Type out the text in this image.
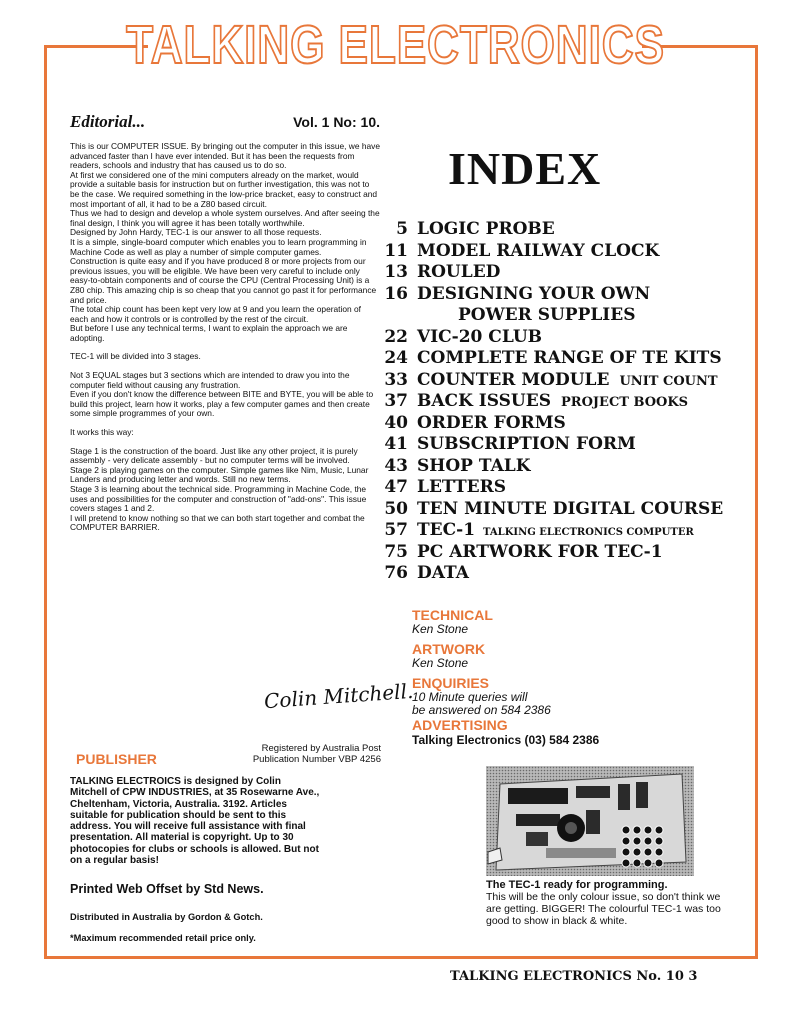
TALKING ELECTRONICS
Editorial...	Vol. 1 No: 10.

This is our COMPUTER ISSUE. By bringing out the computer in this issue, we have advanced faster than I have ever intended. But it has been the requests from readers, schools and industry that has caused us to do so.

At first we considered one of the mini computers already on the market, would provide a suitable basis for instruction but on further investigation, this was not to be the case. We required something in the low-price bracket, easy to construct and most important of all, it had to be a Z80 based circuit.

Thus we had to design and develop a whole system ourselves. And after seeing the final design, I think you will agree it has been totally worthwhile.

Designed by John Hardy, TEC-1 is our answer to all those requests.

It is a simple, single-board computer which enables you to learn programming in Machine Code as well as play a number of simple computer games.

Construction is quite easy and if you have produced 8 or more projects from our previous issues, you will be eligible. We have been very careful to include only easy-to-obtain components and of course the CPU (Central Processing Unit) is a Z80 chip. This amazing chip is so cheap that you cannot go past it for performance and price.

The total chip count has been kept very low at 9 and you learn the operation of each and how it controls or is controlled by the rest of the circuit.

But before I use any technical terms, I want to explain the approach we are adopting.

TEC-1 will be divided into 3 stages.

Not 3 EQUAL stages but 3 sections which are intended to draw you into the computer field without causing any frustration.

Even if you don't know the difference between BITE and BYTE, you will be able to build this project, learn how it works, play a few computer games and then create some simple programmes of your own.

It works this way:

Stage 1 is the construction of the board. Just like any other project, it is purely assembly - very delicate assembly - but no computer terms will be involved.

Stage 2 is playing games on the computer. Simple games like Nim, Music, Lunar Landers and producing letter and words. Still no new terms.

Stage 3 is learning about the technical side. Programming in Machine Code, the uses and possibilities for the computer and construction of "add-ons". This issue covers stages 1 and 2.

I will pretend to know nothing so that we can both start together and combat the COMPUTER BARRIER.

Colin Mitchell.
Registered by Australia Post
Publication Number VBP 4256
PUBLISHER
TALKING ELECTROICS is designed by Colin Mitchell of CPW INDUSTRIES, at 35 Rosewarne Ave., Cheltenham, Victoria, Australia. 3192. Articles suitable for publication should be sent to this address. You will receive full assistance with final presentation. All material is copyright. Up to 30 photocopies for clubs or schools is allowed. But not on a regular basis!
Printed Web Offset by Std News.
Distributed in Australia by Gordon & Gotch.
*Maximum recommended retail price only.
INDEX
5 LOGIC PROBE
11 MODEL RAILWAY CLOCK
13 ROULED
16 DESIGNING YOUR OWN
POWER SUPPLIES
22 VIC-20 CLUB
24 COMPLETE RANGE OF TE KITS
33 COUNTER MODULE UNIT COUNT
37 BACK ISSUES PROJECT BOOKS
40 ORDER FORMS
41 SUBSCRIPTION FORM
43 SHOP TALK
47 LETTERS
50 TEN MINUTE DIGITAL COURSE
57 TEC-1 TALKING ELECTRONICS COMPUTER
75 PC ARTWORK FOR TEC-1
76 DATA
TECHNICAL
Ken Stone
ARTWORK
Ken Stone
ENQUIRIES
10 Minute queries will
be answered on 584 2386
ADVERTISING
Talking Electronics (03) 584 2386
The TEC-1 ready for programming.
This will be the only colour issue, so don't think we are getting. BIGGER! The colourful TEC-1 was too good to show in black & white.
TALKING ELECTRONICS No. 10 3
